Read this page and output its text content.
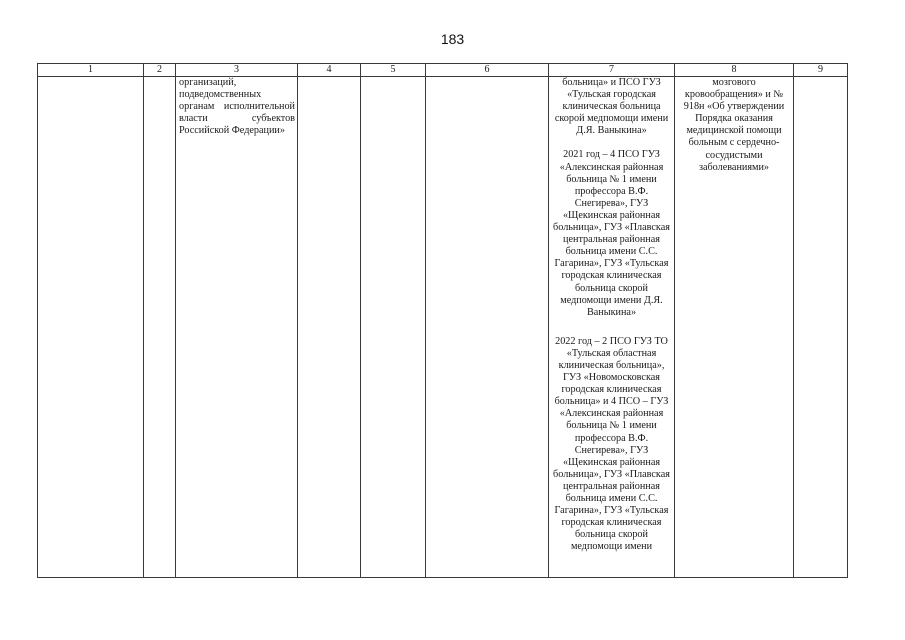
183
1	2	3	4	5	6	7	8	9
		организаций, подведомственных органам исполнительной власти субъектов Российской Федерации»				больница» и ПСО ГУЗ «Тульская городская клиническая больница скорой медпомощи имени Д.Я. Ваныкина»
2021 год – 4 ПСО ГУЗ «Алексинская районная больница № 1 имени профессора В.Ф. Снегирева», ГУЗ «Щекинская районная больница», ГУЗ «Плавская центральная районная больница имени С.С. Гагарина», ГУЗ «Тульская городская клиническая больница скорой медпомощи имени Д.Я. Ваныкина»
2022 год – 2 ПСО ГУЗ ТО «Тульская областная клиническая больница», ГУЗ «Новомосковская городская клиническая больница» и 4 ПСО – ГУЗ «Алексинская районная больница № 1 имени профессора В.Ф. Снегирева», ГУЗ «Щекинская районная больница», ГУЗ «Плавская центральная районная больница имени С.С. Гагарина», ГУЗ «Тульская городская клиническая больница скорой медпомощи имени	мозгового кровообращения» и № 918н «Об утверждении Порядка оказания медицинской помощи больным с сердечно-сосудистыми заболеваниями»	
